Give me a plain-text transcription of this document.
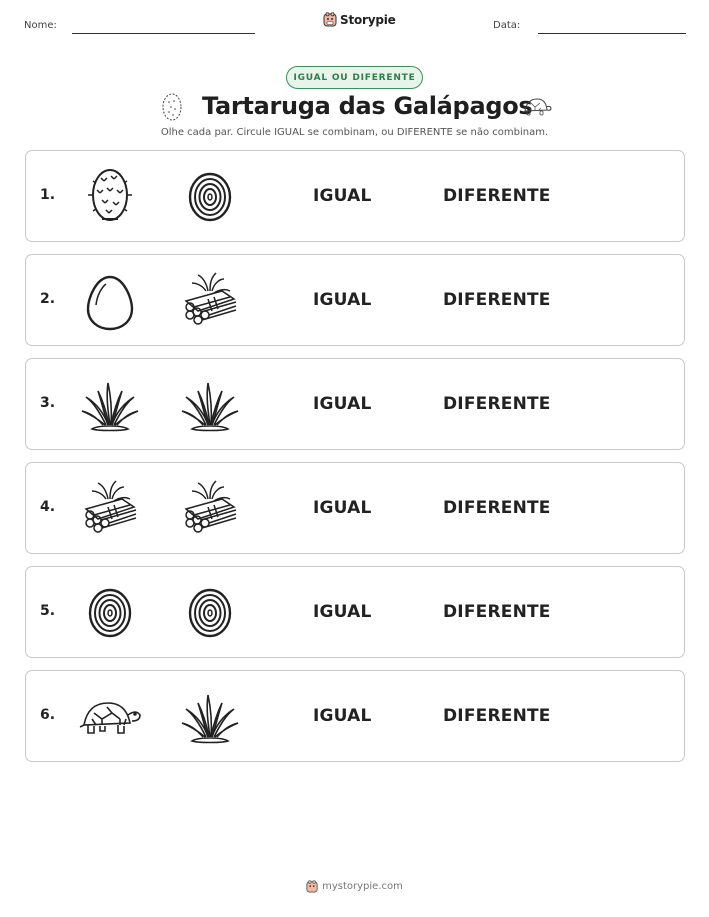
Nome:	Storypie	Data:
IGUAL OU DIFERENTE
Tartaruga das Galápagos
Olhe cada par. Circule IGUAL se combinam, ou DIFERENTE se não combinam.
1.	IGUAL	DIFERENTE
2.	IGUAL	DIFERENTE
3.	IGUAL	DIFERENTE
4.	IGUAL	DIFERENTE
5.	IGUAL	DIFERENTE
6.	IGUAL	DIFERENTE
mystorypie.com
